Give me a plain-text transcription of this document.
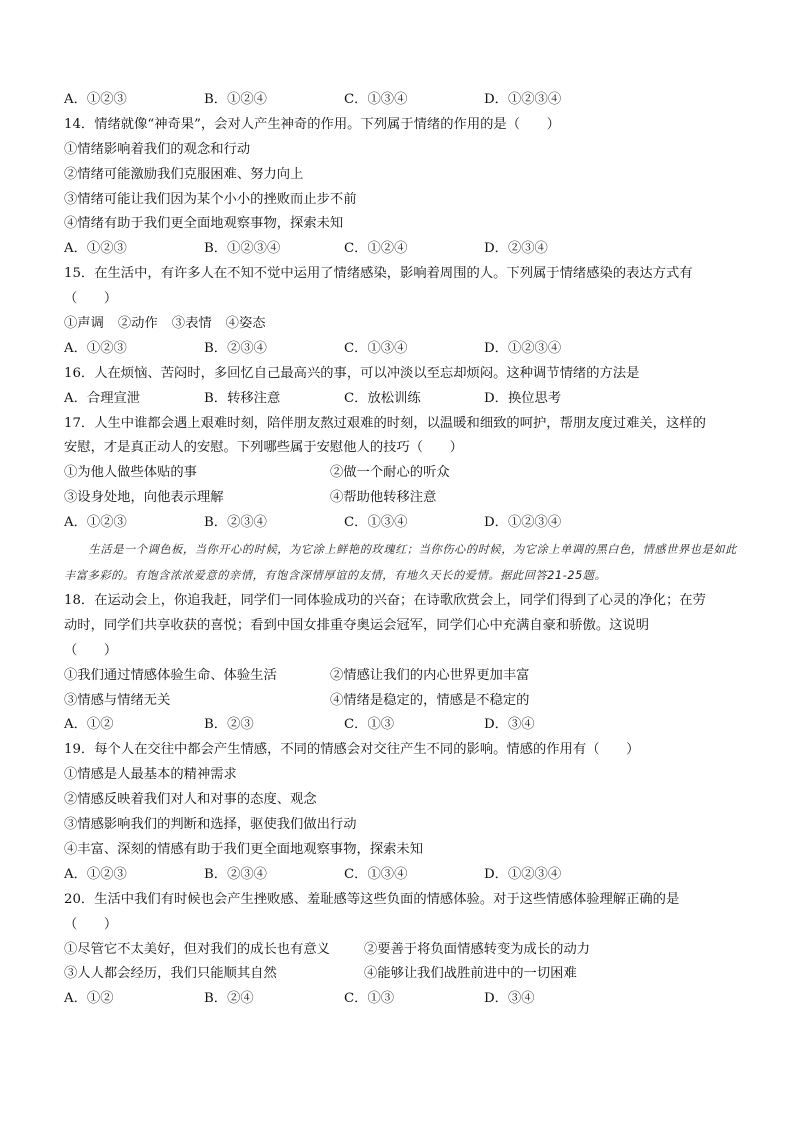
A．①②③	B．①②④	C．①③④	D．①②③④
14．情绪就像“神奇果”，会对人产生神奇的作用。下列属于情绪的作用的是（　　）
①情绪影响着我们的观念和行动
②情绪可能激励我们克服困难、努力向上
③情绪可能让我们因为某个小小的挫败而止步不前
④情绪有助于我们更全面地观察事物，探索未知
A．①②③	B．①②③④	C．①②④	D．②③④
15．在生活中，有许多人在不知不觉中运用了情绪感染，影响着周围的人。下列属于情绪感染的表达方式有
（　　）
①声调 ②动作 ③表情 ④姿态
A．①②③	B．②③④	C．①③④	D．①②③④
16．人在烦恼、苦闷时，多回忆自己最高兴的事，可以冲淡以至忘却烦闷。这种调节情绪的方法是
A．合理宣泄	B．转移注意	C．放松训练	D．换位思考
17．人生中谁都会遇上艰难时刻，陪伴朋友熬过艰难的时刻，以温暖和细致的呵护，帮朋友度过难关，这样的
安慰，才是真正动人的安慰。下列哪些属于安慰他人的技巧（　　）
①为他人做些体贴的事	②做一个耐心的听众
③设身处地，向他表示理解	④帮助他转移注意
A．①②③	B．②③④	C．①③④	D．①②③④
生活是一个调色板，当你开心的时候，为它涂上鲜艳的玫瑰红；当你伤心的时候，为它涂上单调的黑白色，情感世界也是如此丰富多彩的。有饱含浓浓爱意的亲情，有饱含深情厚谊的友情，有地久天长的爱情。据此回答21-25题。
18．在运动会上，你追我赶，同学们一同体验成功的兴奋；在诗歌欣赏会上，同学们得到了心灵的净化；在劳
动时，同学们共享收获的喜悦；看到中国女排重夺奥运会冠军，同学们心中充满自豪和骄傲。这说明
（　　）
①我们通过情感体验生命、体验生活	②情感让我们的内心世界更加丰富
③情感与情绪无关	④情绪是稳定的，情感是不稳定的
A．①②	B．②③	C．①③	D．③④
19．每个人在交往中都会产生情感，不同的情感会对交往产生不同的影响。情感的作用有（　　）
①情感是人最基本的精神需求
②情感反映着我们对人和对事的态度、观念
③情感影响我们的判断和选择，驱使我们做出行动
④丰富、深刻的情感有助于我们更全面地观察事物，探索未知
A．①②③	B．②③④	C．①③④	D．①②③④
20．生活中我们有时候也会产生挫败感、羞耻感等这些负面的情感体验。对于这些情感体验理解正确的是
（　　）
①尽管它不太美好，但对我们的成长也有意义	②要善于将负面情感转变为成长的动力
③人人都会经历，我们只能顺其自然	④能够让我们战胜前进中的一切困难
A．①②	B．②④	C．①③	D．③④
